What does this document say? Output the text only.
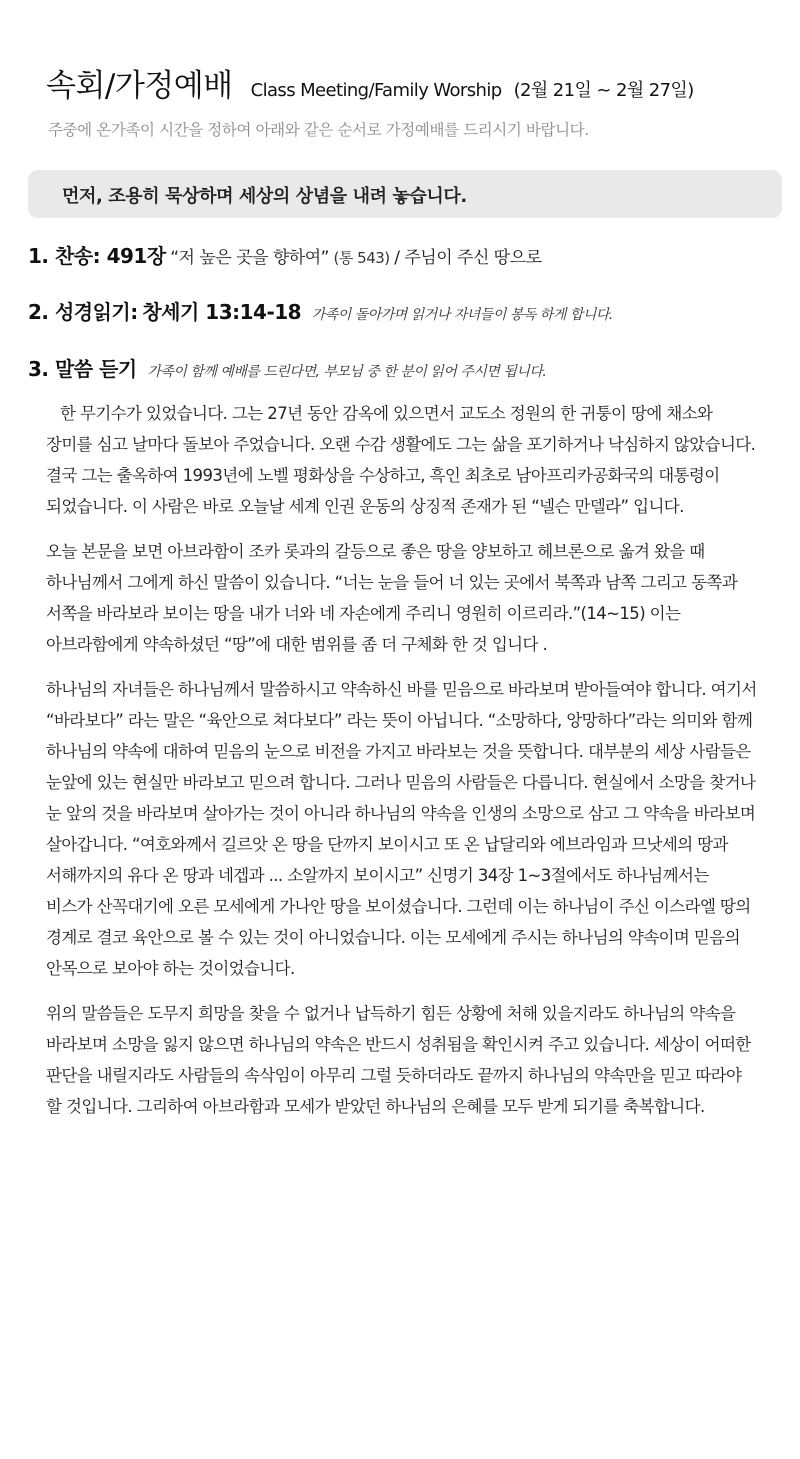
속회/가정예배 Class Meeting/Family Worship (2월 21일 ~ 2월 27일)
주중에 온가족이 시간을 정하여 아래와 같은 순서로 가정예배를 드리시기 바랍니다.
먼저, 조용히 묵상하며 세상의 상념을 내려 놓습니다.
1. 찬송: 491장 “저 높은 곳을 향하여” (통 543) / 주님이 주신 땅으로
2. 성경읽기: 창세기 13:14-18 가족이 돌아가며 읽거나 자녀들이 봉독 하게 합니다.
3. 말씀 듣기 가족이 함께 예배를 드린다면, 부모님 중 한 분이 읽어 주시면 됩니다.

한 무기수가 있었습니다. 그는 27년 동안 감옥에 있으면서 교도소 정원의 한 귀퉁이 땅에 채소와 장미를 심고 날마다 돌보아 주었습니다. 오랜 수감 생활에도 그는 삶을 포기하거나 낙심하지 않았습니다. 결국 그는 출옥하여 1993년에 노벨 평화상을 수상하고, 흑인 최초로 남아프리카공화국의 대통령이 되었습니다. 이 사람은 바로 오늘날 세계 인권 운동의 상징적 존재가 된 “넬슨 만델라” 입니다.

오늘 본문을 보면 아브라함이 조카 롯과의 갈등으로 좋은 땅을 양보하고 헤브론으로 옮겨 왔을 때 하나님께서 그에게 하신 말씀이 있습니다. “너는 눈을 들어 너 있는 곳에서 북쪽과 남쪽 그리고 동쪽과 서쪽을 바라보라 보이는 땅을 내가 너와 네 자손에게 주리니 영원히 이르리라.”(14~15) 이는 아브라함에게 약속하셨던 “땅”에 대한 범위를 좀 더 구체화 한 것 입니다 .

하나님의 자녀들은 하나님께서 말씀하시고 약속하신 바를 믿음으로 바라보며 받아들여야 합니다. 여기서 “바라보다” 라는 말은 “육안으로 쳐다보다” 라는 뜻이 아닙니다. “소망하다, 앙망하다”라는 의미와 함께 하나님의 약속에 대하여 믿음의 눈으로 비전을 가지고 바라보는 것을 뜻합니다. 대부분의 세상 사람들은 눈앞에 있는 현실만 바라보고 믿으려 합니다. 그러나 믿음의 사람들은 다릅니다. 현실에서 소망을 찾거나 눈 앞의 것을 바라보며 살아가는 것이 아니라 하나님의 약속을 인생의 소망으로 삼고 그 약속을 바라보며 살아갑니다. “여호와께서 길르앗 온 땅을 단까지 보이시고 또 온 납달리와 에브라임과 므낫세의 땅과 서해까지의 유다 온 땅과 네겝과 ... 소알까지 보이시고” 신명기 34장 1~3절에서도 하나님께서는 비스가 산꼭대기에 오른 모세에게 가나안 땅을 보이셨습니다. 그런데 이는 하나님이 주신 이스라엘 땅의 경계로 결코 육안으로 볼 수 있는 것이 아니었습니다. 이는 모세에게 주시는 하나님의 약속이며 믿음의 안목으로 보아야 하는 것이었습니다.

위의 말씀들은 도무지 희망을 찾을 수 없거나 납득하기 힘든 상황에 처해 있을지라도 하나님의 약속을 바라보며 소망을 잃지 않으면 하나님의 약속은 반드시 성취됨을 확인시켜 주고 있습니다. 세상이 어떠한 판단을 내릴지라도 사람들의 속삭임이 아무리 그럴 듯하더라도 끝까지 하나님의 약속만을 믿고 따라야 할 것입니다. 그리하여 아브라함과 모세가 받았던 하나님의 은혜를 모두 받게 되기를 축복합니다.
